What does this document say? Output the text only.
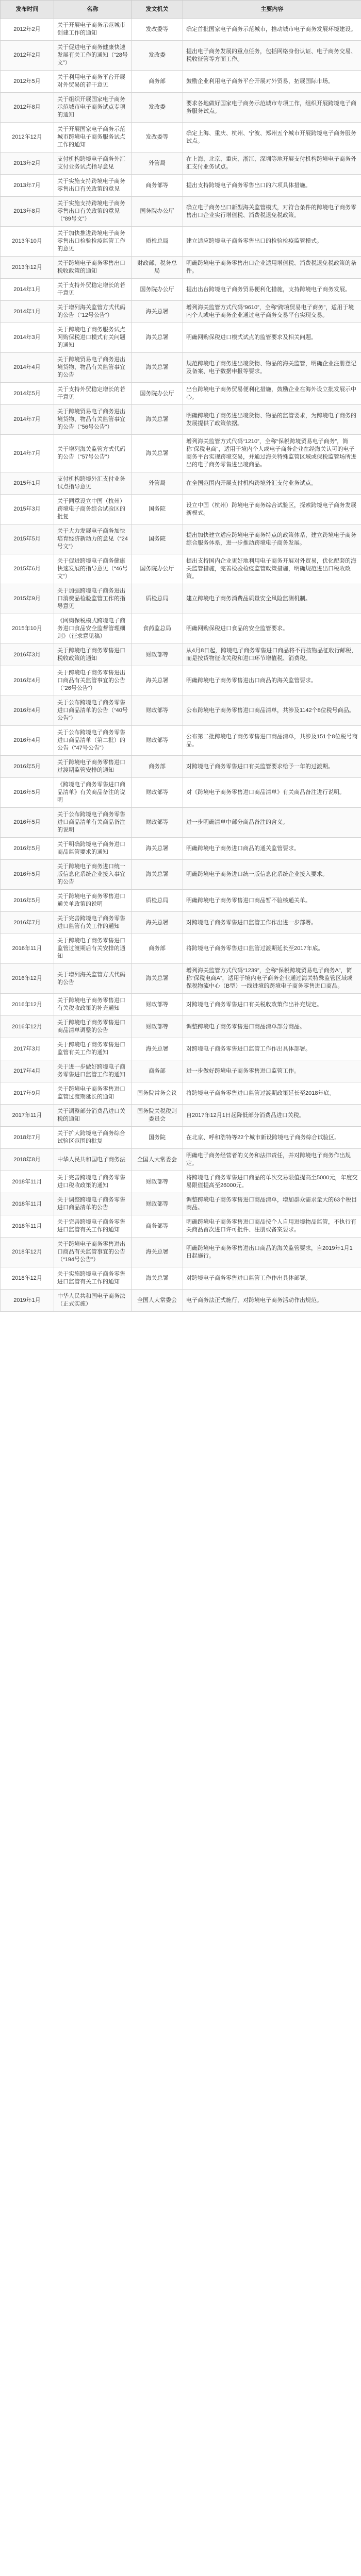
发布时间	名称	发文机关	主要内容
2012年2月	关于开展电子商务示范城市创建工作的通知	发改委等	确定首批国家电子商务示范城市，推动城市电子商务发展环境建设。
2012年2月	关于促进电子商务健康快速发展有关工作的通知（“28号文”）	发改委	提出电子商务发展的重点任务，包括网络身份认证、电子商务交易、税收征管等方面工作。
2012年5月	关于利用电子商务平台开展对外贸易的若干意见	商务部	鼓励企业利用电子商务平台开展对外贸易，拓展国际市场。
2012年8月	关于组织开展国家电子商务示范城市电子商务试点专项的通知	发改委	要求各地做好国家电子商务示范城市专项工作，组织开展跨境电子商务服务试点。
2012年12月	关于开展国家电子商务示范城市跨境电子商务服务试点工作的通知	发改委等	确定上海、重庆、杭州、宁波、郑州五个城市开展跨境电子商务服务试点。
2013年2月	支付机构跨境电子商务外汇支付业务试点指导意见	外管局	在上海、北京、重庆、浙江、深圳等地开展支付机构跨境电子商务外汇支付业务试点。
2013年7月	关于实施支持跨境电子商务零售出口有关政策的意见	商务部等	提出支持跨境电子商务零售出口的六项具体措施。
2013年8月	关于实施支持跨境电子商务零售出口有关政策的意见（“89号文”）	国务院办公厅	确立电子商务出口新型海关监管模式，对符合条件的跨境电子商务零售出口企业实行增值税、消费税退免税政策。
2013年10月	关于加快推进跨境电子商务零售出口检验检疫监管工作的意见	质检总局	建立适应跨境电子商务零售出口的检验检疫监管模式。
2013年12月	关于跨境电子商务零售出口税收政策的通知	财政部、税务总局	明确跨境电子商务零售出口企业适用增值税、消费税退免税政策的条件。
2014年1月	关于支持外贸稳定增长的若干意见	国务院办公厅	提出出台跨境电子商务贸易便利化措施，支持跨境电子商务发展。
2014年1月	关于增列海关监管方式代码的公告（“12号公告”）	海关总署	增列海关监管方式代码“9610”，全称“跨境贸易电子商务”，适用于境内个人或电子商务企业通过电子商务交易平台实现交易。
2014年3月	关于跨境电子商务服务试点网购保税进口模式有关问题的通知	海关总署	明确网购保税进口模式试点的监管要求及相关问题。
2014年4月	关于跨境贸易电子商务进出境货物、物品有关监管事宜的公告	海关总署	规范跨境电子商务进出境货物、物品的海关监管，明确企业注册登记及备案、电子数据申报等要求。
2014年5月	关于支持外贸稳定增长的若干意见	国务院办公厅	出台跨境电子商务贸易便利化措施，鼓励企业在海外设立批发展示中心。
2014年7月	关于跨境贸易电子商务进出境货物、物品有关监管事宜的公告（“56号公告”）	海关总署	明确跨境电子商务进出境货物、物品的监管要求，为跨境电子商务的发展提供了政策依据。
2014年7月	关于增列海关监管方式代码的公告（“57号公告”）	海关总署	增列海关监管方式代码“1210”，全称“保税跨境贸易电子商务”，简称“保税电商”，适用于境内个人或电子商务企业在经海关认可的电子商务平台实现跨境交易，并通过海关特殊监管区域或保税监管场所进出的电子商务零售进出境商品。
2015年1月	支付机构跨境外汇支付业务试点指导意见	外管局	在全国范围内开展支付机构跨境外汇支付业务试点。
2015年3月	关于同意设立中国（杭州）跨境电子商务综合试验区的批复	国务院	设立中国（杭州）跨境电子商务综合试验区，探索跨境电子商务发展新模式。
2015年5月	关于大力发展电子商务加快培育经济新动力的意见（“24号文”）	国务院	提出加快建立适应跨境电子商务特点的政策体系，建立跨境电子商务综合服务体系，进一步推动跨境电子商务发展。
2015年6月	关于促进跨境电子商务健康快速发展的指导意见（“46号文”）	国务院办公厅	提出支持国内企业更好地利用电子商务开展对外贸易，优化配套的海关监管措施，完善检验检疫监管政策措施，明确规范进出口税收政策。
2015年9月	关于加强跨境电子商务进出口消费品检验监管工作的指导意见	质检总局	建立跨境电子商务消费品质量安全风险监测机制。
2015年10月	《网购保税模式跨境电子商务进口食品安全监督管理细则》（征求意见稿）	食药监总局	明确网购保税进口食品的安全监管要求。
2016年3月	关于跨境电子商务零售进口税收政策的通知	财政部等	从4月8日起，跨境电子商务零售进口商品将不再按物品征收行邮税，而是按货物征收关税和进口环节增值税、消费税。
2016年4月	关于跨境电子商务零售进出口商品有关监管事宜的公告（“26号公告”）	海关总署	明确跨境电子商务零售进出口商品的海关监管要求。
2016年4月	关于公布跨境电子商务零售进口商品清单的公告（“40号公告”）	财政部等	公布跨境电子商务零售进口商品清单，共涉及1142个8位税号商品。
2016年4月	关于公布跨境电子商务零售进口商品清单（第二批）的公告（“47号公告”）	财政部等	公布第二批跨境电子商务零售进口商品清单，共涉及151个8位税号商品。
2016年5月	关于跨境电子商务零售进口过渡期监管安排的通知	商务部	对跨境电子商务零售进口有关监管要求给予一年的过渡期。
2016年5月	《跨境电子商务零售进口商品清单》有关商品备注的说明	财政部等	对《跨境电子商务零售进口商品清单》有关商品备注进行说明。
2016年5月	关于公布跨境电子商务零售进口商品清单有关商品备注的说明	财政部等	进一步明确清单中部分商品备注的含义。
2016年5月	关于明确跨境电子商务进口商品监管要求的通知	海关总署	明确跨境电子商务进口商品的通关监管要求。
2016年5月	关于跨境电子商务进口统一版信息化系统企业接入事宜的公告	海关总署	明确跨境电子商务进口统一版信息化系统企业接入要求。
2016年5月	关于跨境电子商务零售进口通关单政策的说明	质检总局	明确跨境电子商务零售进口商品暂不验核通关单。
2016年7月	关于完善跨境电子商务零售进口监管有关工作的通知	海关总署	对跨境电子商务零售进口监管工作作出进一步部署。
2016年11月	关于跨境电子商务零售进口监管过渡期后有关安排的通知	商务部	将跨境电子商务零售进口监管过渡期延长至2017年底。
2016年12月	关于增列海关监管方式代码的公告	海关总署	增列海关监管方式代码“1239”，全称“保税跨境贸易电子商务A”，简称“保税电商A”，适用于境内电子商务企业通过海关特殊监管区域或保税物流中心（B型）一线进境的跨境电子商务零售进口商品。
2016年12月	关于跨境电子商务零售进口有关税收政策的补充通知	财政部等	对跨境电子商务零售进口有关税收政策作出补充规定。
2016年12月	关于跨境电子商务零售进口商品清单调整的公告	财政部等	调整跨境电子商务零售进口商品清单部分商品。
2017年3月	关于跨境电子商务零售进口监管有关工作的通知	海关总署	对跨境电子商务零售进口监管工作作出具体部署。
2017年4月	关于进一步做好跨境电子商务零售进口监管工作的通知	商务部	进一步做好跨境电子商务零售进口监管工作。
2017年9月	关于跨境电子商务零售进口监管过渡期延长的通知	国务院常务会议	将跨境电子商务零售进口监管过渡期政策延长至2018年底。
2017年11月	关于调整部分消费品进口关税的通知	国务院关税税则委员会	自2017年12月1日起降低部分消费品进口关税。
2018年7月	关于扩大跨境电子商务综合试验区范围的批复	国务院	在北京、呼和浩特等22个城市新设跨境电子商务综合试验区。
2018年8月	中华人民共和国电子商务法	全国人大常委会	明确电子商务经营者的义务和法律责任，并对跨境电子商务作出规定。
2018年11月	关于完善跨境电子商务零售进口税收政策的通知	财政部等	将跨境电子商务零售进口商品的单次交易限值提高至5000元，年度交易限值提高至26000元。
2018年11月	关于调整跨境电子商务零售进口商品清单的公告	财政部等	调整跨境电子商务零售进口商品清单，增加群众需求量大的63个税目商品。
2018年11月	关于完善跨境电子商务零售进口监管有关工作的通知	商务部等	明确跨境电子商务零售进口商品按个人自用进境物品监管，不执行有关商品首次进口许可批件、注册或备案要求。
2018年12月	关于跨境电子商务零售进出口商品有关监管事宜的公告（“194号公告”）	海关总署	明确跨境电子商务零售进出口商品的海关监管要求，自2019年1月1日起施行。
2018年12月	关于实施跨境电子商务零售进口监管有关工作的通知	海关总署	对跨境电子商务零售进口监管工作作出具体部署。
2019年1月	中华人民共和国电子商务法（正式实施）	全国人大常委会	电子商务法正式施行，对跨境电子商务活动作出规范。
